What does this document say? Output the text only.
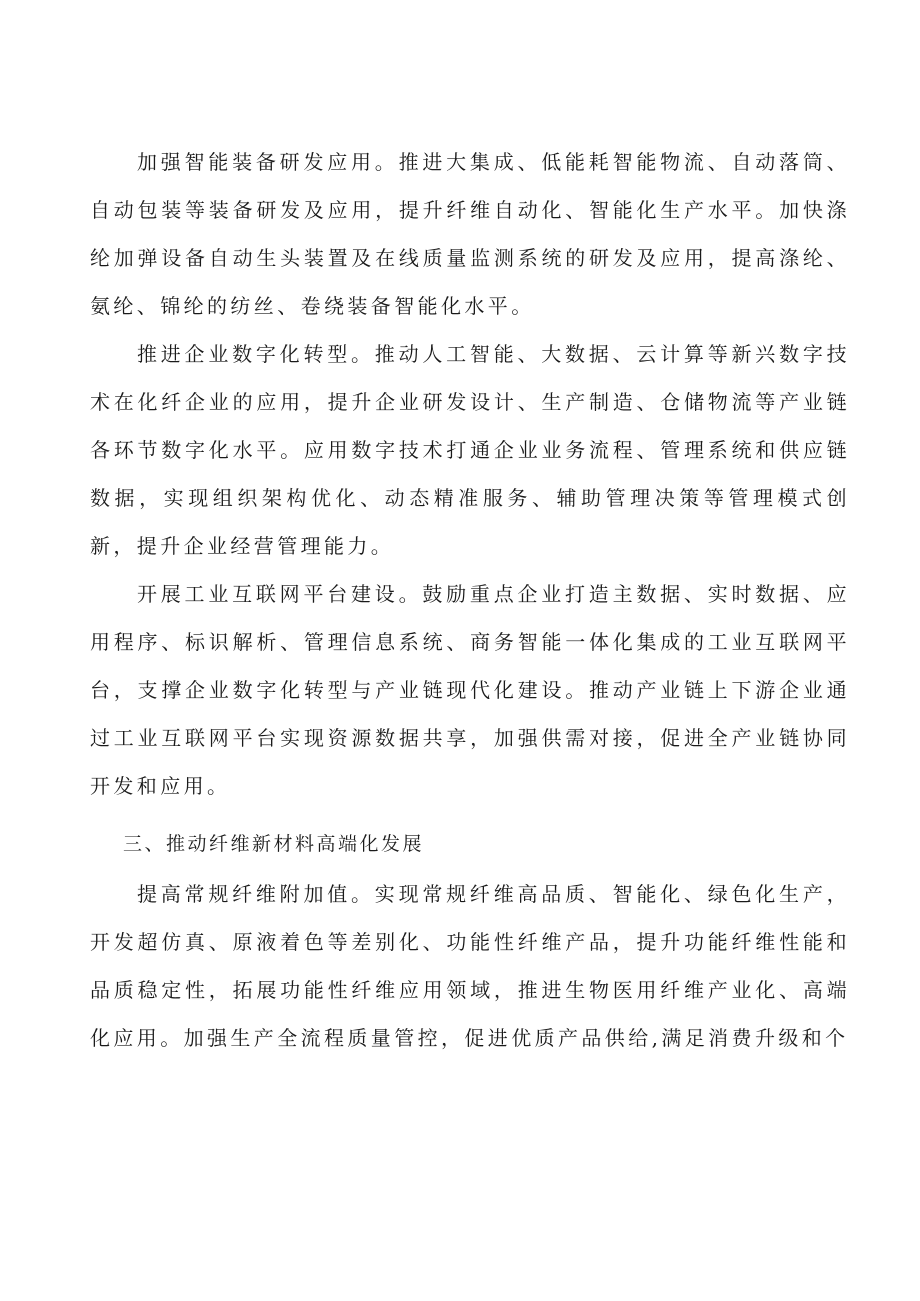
加强智能装备研发应用。推进大集成、低能耗智能物流、自动落筒、自动包装等装备研发及应用，提升纤维自动化、智能化生产水平。加快涤纶加弹设备自动生头装置及在线质量监测系统的研发及应用，提高涤纶、氨纶、锦纶的纺丝、卷绕装备智能化水平。

推进企业数字化转型。推动人工智能、大数据、云计算等新兴数字技术在化纤企业的应用，提升企业研发设计、生产制造、仓储物流等产业链各环节数字化水平。应用数字技术打通企业业务流程、管理系统和供应链数据，实现组织架构优化、动态精准服务、辅助管理决策等管理模式创新，提升企业经营管理能力。

开展工业互联网平台建设。鼓励重点企业打造主数据、实时数据、应用程序、标识解析、管理信息系统、商务智能一体化集成的工业互联网平台，支撑企业数字化转型与产业链现代化建设。推动产业链上下游企业通过工业互联网平台实现资源数据共享，加强供需对接，促进全产业链协同开发和应用。

三、推动纤维新材料高端化发展

提高常规纤维附加值。实现常规纤维高品质、智能化、绿色化生产，开发超仿真、原液着色等差别化、功能性纤维产品，提升功能纤维性能和品质稳定性，拓展功能性纤维应用领域，推进生物医用纤维产业化、高端化应用。加强生产全流程质量管控，促进优质产品供给,满足消费升级和个
